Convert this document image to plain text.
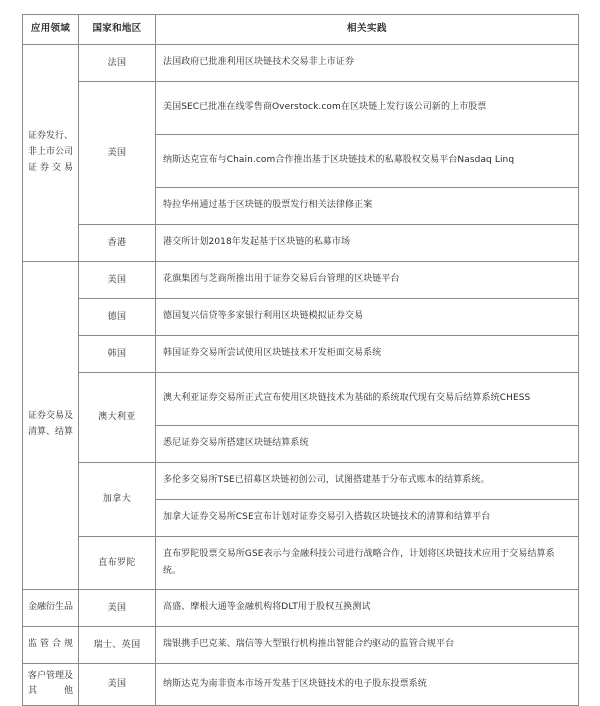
应用领域	国家和地区	相关实践
证券发行、非上市公司证券交易	法国	法国政府已批准利用区块链技术交易非上市证券
	美国	美国SEC已批准在线零售商Overstock.com在区块链上发行该公司新的上市股票
		纳斯达克宣布与Chain.com合作推出基于区块链技术的私募股权交易平台Nasdaq Linq
		特拉华州通过基于区块链的股票发行相关法律修正案
	香港	港交所计划2018年发起基于区块链的私募市场
证券交易及清算、结算	美国	花旗集团与芝商所推出用于证券交易后台管理的区块链平台
	德国	德国复兴信贷等多家银行利用区块链模拟证券交易
	韩国	韩国证券交易所尝试使用区块链技术开发柜面交易系统
	澳大利亚	澳大利亚证券交易所正式宣布使用区块链技术为基础的系统取代现有交易后结算系统CHESS
		悉尼证券交易所搭建区块链结算系统
	加拿大	多伦多交易所TSE已招募区块链初创公司，试图搭建基于分布式账本的结算系统。
		加拿大证券交易所CSE宣布计划对证券交易引入搭载区块链技术的清算和结算平台
	直布罗陀	直布罗陀股票交易所GSE表示与金融科技公司进行战略合作，计划将区块链技术应用于交易结算系统。
金融衍生品	美国	高盛、摩根大通等金融机构将DLT用于股权互换测试
监管合规	瑞士、英国	瑞银携手巴克莱、瑞信等大型银行机构推出智能合约驱动的监管合规平台
客户管理及其他	美国	纳斯达克为南非资本市场开发基于区块链技术的电子股东投票系统
